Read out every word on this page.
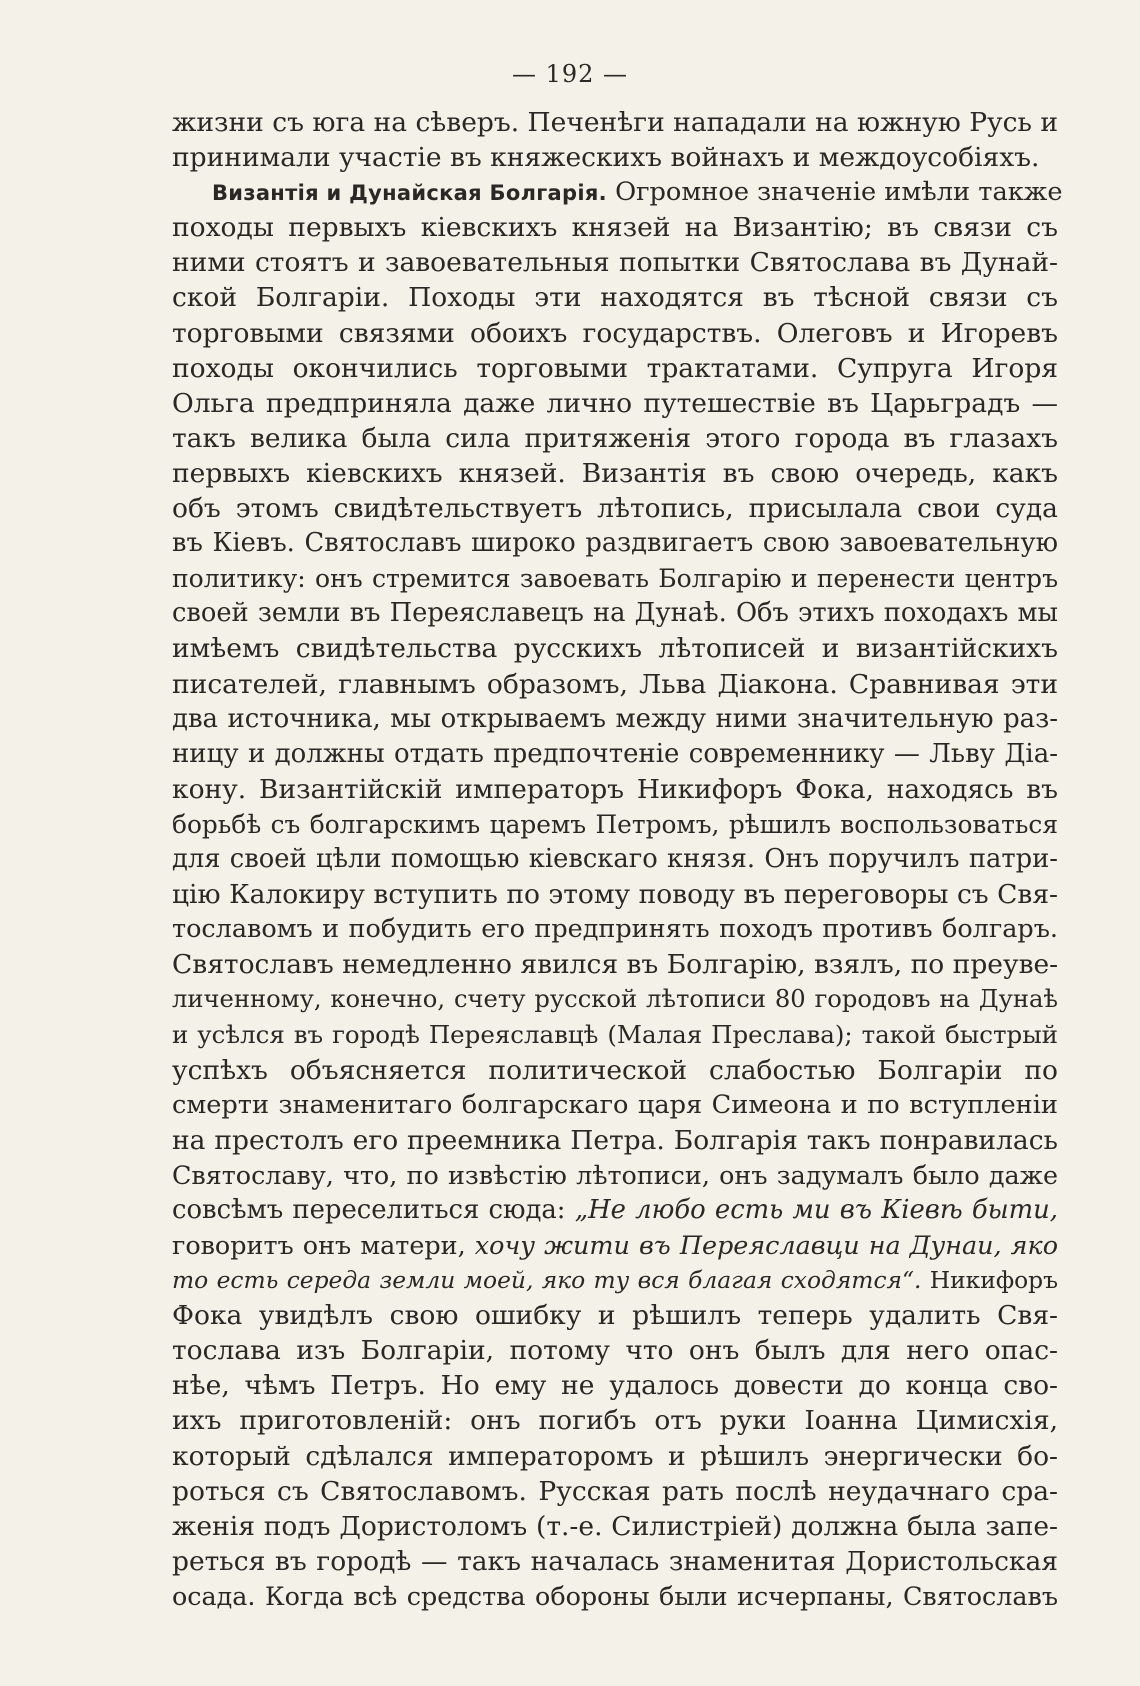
— 192 —
жизни съ юга на сѣверъ. Печенѣги нападали на южную Русь и
принимали участіе въ княжескихъ войнахъ и междоусобіяхъ.
Византія и Дунайская Болгарія. Огромное значеніе имѣли также
походы первыхъ кіевскихъ князей на Византію; въ связи съ
ними стоятъ и завоевательныя попытки Святослава въ Дунай-
ской Болгаріи. Походы эти находятся въ тѣсной связи съ
торговыми связями обоихъ государствъ. Олеговъ и Игоревъ
походы окончились торговыми трактатами. Супруга Игоря
Ольга предприняла даже лично путешествіе въ Царьградъ —
такъ велика была сила притяженія этого города въ глазахъ
первыхъ кіевскихъ князей. Византія въ свою очередь, какъ
объ этомъ свидѣтельствуетъ лѣтопись, присылала свои суда
въ Кіевъ. Святославъ широко раздвигаетъ свою завоевательную
политику: онъ стремится завоевать Болгарію и перенести центръ
своей земли въ Переяславецъ на Дунаѣ. Объ этихъ походахъ мы
имѣемъ свидѣтельства русскихъ лѣтописей и византійскихъ
писателей, главнымъ образомъ, Льва Діакона. Сравнивая эти
два источника, мы открываемъ между ними значительную раз-
ницу и должны отдать предпочтеніе современнику — Льву Діа-
кону. Византійскій императоръ Никифоръ Фока, находясь въ
борьбѣ съ болгарскимъ царемъ Петромъ, рѣшилъ воспользоваться
для своей цѣли помощью кіевскаго князя. Онъ поручилъ патри-
цію Калокиру вступить по этому поводу въ переговоры съ Свя-
тославомъ и побудить его предпринять походъ противъ болгаръ.
Святославъ немедленно явился въ Болгарію, взялъ, по преуве-
личенному, конечно, счету русской лѣтописи 80 городовъ на Дунаѣ
и усѣлся въ городѣ Переяславцѣ (Малая Преслава); такой быстрый
успѣхъ объясняется политической слабостью Болгаріи по
смерти знаменитаго болгарскаго царя Симеона и по вступленіи
на престолъ его преемника Петра. Болгарія такъ понравилась
Святославу, что, по извѣстію лѣтописи, онъ задумалъ было даже
совсѣмъ переселиться сюда: „Не любо есть ми въ Кіевѣ быти,
говоритъ онъ матери, хочу жити въ Переяславци на Дунаи, яко
то есть середа земли моей, яко ту вся благая сходятся“. Никифоръ
Фока увидѣлъ свою ошибку и рѣшилъ теперь удалить Свя-
тослава изъ Болгаріи, потому что онъ былъ для него опас-
нѣе, чѣмъ Петръ. Но ему не удалось довести до конца сво-
ихъ приготовленій: онъ погибъ отъ руки Іоанна Цимисхія,
который сдѣлался императоромъ и рѣшилъ энергически бо-
роться съ Святославомъ. Русская рать послѣ неудачнаго сра-
женія подъ Дористоломъ (т.-е. Силистріей) должна была запе-
реться въ городѣ — такъ началась знаменитая Дористольская
осада. Когда всѣ средства обороны были исчерпаны, Святославъ
